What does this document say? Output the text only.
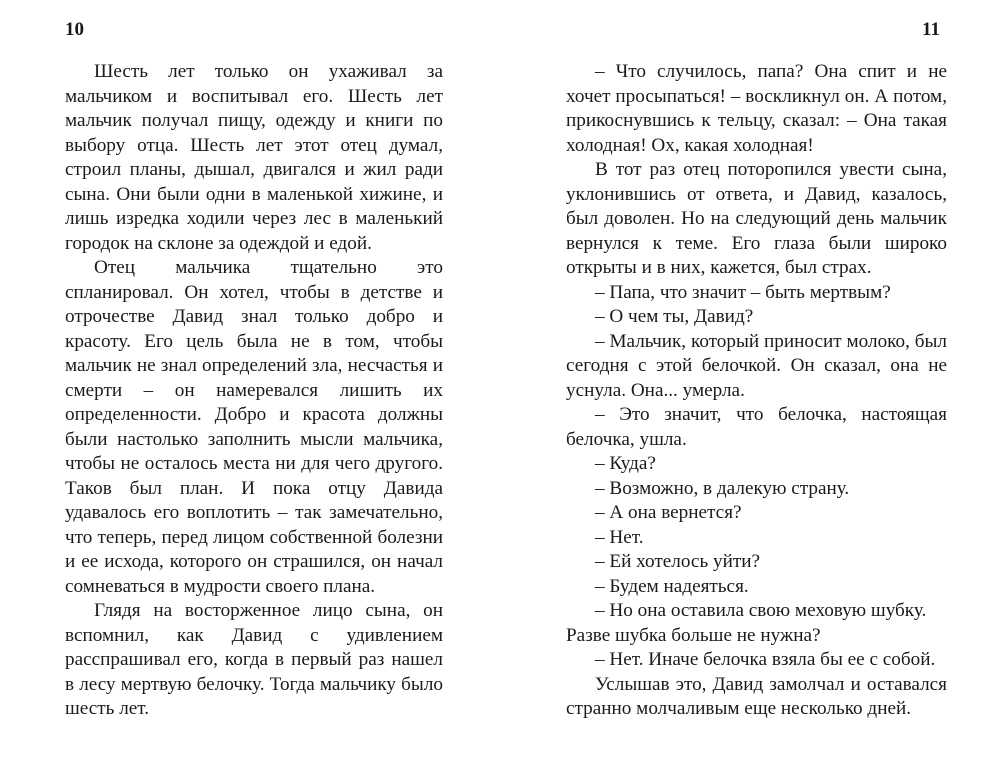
10

Шесть лет только он ухаживал за мальчиком и воспитывал его. Шесть лет мальчик получал пищу, одежду и книги по выбору отца. Шесть лет этот отец думал, строил планы, дышал, двигался и жил ради сына. Они были одни в маленькой хижине, и лишь изредка ходили через лес в маленький городок на склоне за одеждой и едой.

Отец мальчика тщательно это спланировал. Он хотел, чтобы в детстве и отрочестве Давид знал только добро и красоту. Его цель была не в том, чтобы мальчик не знал определений зла, несчастья и смерти – он намеревался лишить их определенности. Добро и красота должны были настолько заполнить мысли мальчика, чтобы не осталось места ни для чего другого. Таков был план. И пока отцу Давида удавалось его воплотить – так замечательно, что теперь, перед лицом собственной болезни и ее исхода, которого он страшился, он начал сомневаться в мудрости своего плана.

Глядя на восторженное лицо сына, он вспомнил, как Давид с удивлением расспрашивал его, когда в первый раз нашел в лесу мертвую белочку. Тогда мальчику было шесть лет.

11

– Что случилось, папа? Она спит и не хочет просыпаться! – воскликнул он. А потом, прикоснувшись к тельцу, сказал: – Она такая холодная! Ох, какая холодная!

В тот раз отец поторопился увести сына, уклонившись от ответа, и Давид, казалось, был доволен. Но на следующий день мальчик вернулся к теме. Его глаза были широко открыты и в них, кажется, был страх.

– Папа, что значит – быть мертвым?

– О чем ты, Давид?

– Мальчик, который приносит молоко, был сегодня с этой белочкой. Он сказал, она не уснула. Она... умерла.

– Это значит, что белочка, настоящая белочка, ушла.

– Куда?

– Возможно, в далекую страну.

– А она вернется?

– Нет.

– Ей хотелось уйти?

– Будем надеяться.

– Но она оставила свою меховую шубку.

Разве шубка больше не нужна?

– Нет. Иначе белочка взяла бы ее с собой.

Услышав это, Давид замолчал и оставался странно молчаливым еще несколько дней.
